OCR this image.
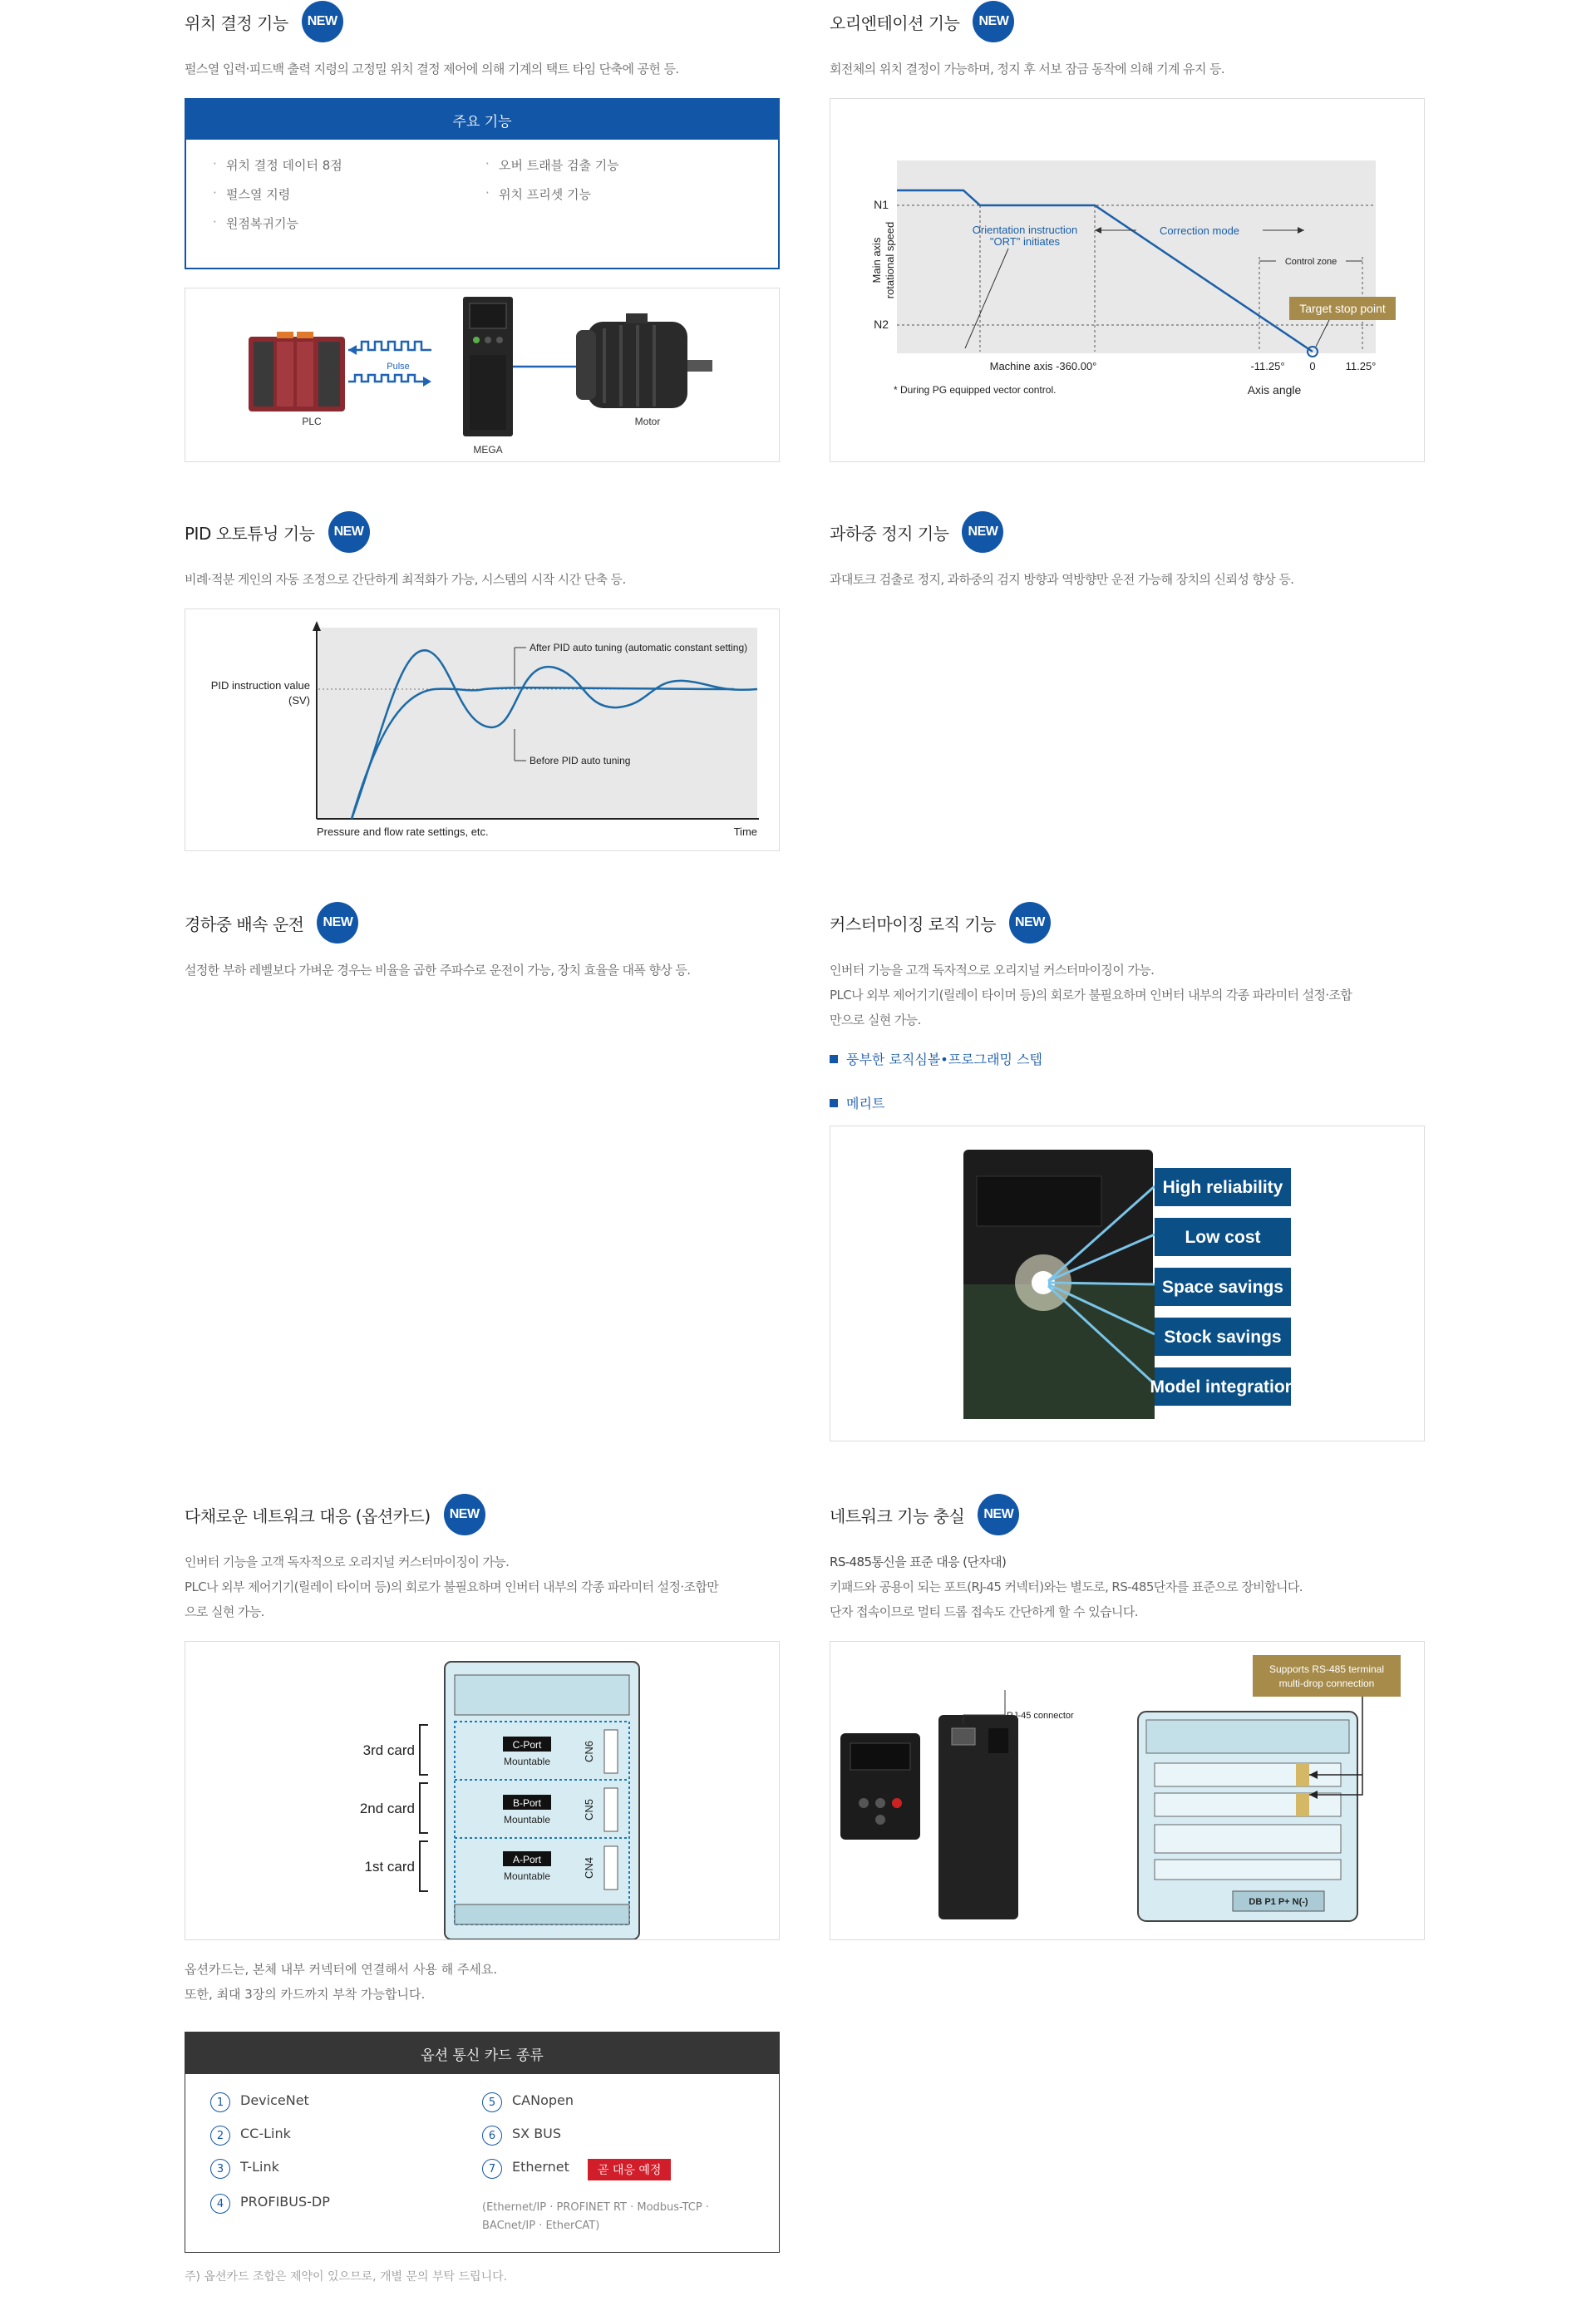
위치 결정 기능	NEW

펄스열 입력·피드백 출력 지령의 고정밀 위치 결정 제어에 의해 기계의 택트 타임 단축에 공헌 등.

주요 기능
· 위치 결정 데이터 8점	· 오버 트래블 검출 기능
· 펄스열 지령	· 위치 프리셋 기능
· 원점복귀기능
PLC
Pulse
MEGA
Motor
오리엔테이션 기능	NEW

회전체의 위치 결정이 가능하며, 정지 후 서보 잠금 동작에 의해 기계 유지 등.

Main axis rotational speed
N1
N2
Orientation instruction
"ORT" initiates
Correction mode
Control zone
Target stop point
Machine axis -360.00°	-11.25° 0	11.25°
Axis angle
* During PG equipped vector control.
PID 오토튜닝 기능	NEW

비례·적분 게인의 자동 조정으로 간단하게 최적화가 가능, 시스템의 시작 시간 단축 등.

After PID auto tuning (automatic constant setting)
Before PID auto tuning
PID instruction value
(SV)
Pressure and flow rate settings, etc.	Time
과하중 정지 기능	NEW

과대토크 검출로 정지, 과하중의 검지 방향과 역방향만 운전 가능해 장치의 신뢰성 향상 등.

경하중 배속 운전	NEW

설정한 부하 레벨보다 가벼운 경우는 비율을 곱한 주파수로 운전이 가능, 장치 효율을 대폭 향상 등.

커스터마이징 로직 기능	NEW

인버터 기능을 고객 독자적으로 오리지널 커스터마이징이 가능.

PLC나 외부 제어기기(릴레이 타이머 등)의 회로가 불필요하며 인버터 내부의 각종 파라미터 설정·조합

만으로 실현 가능.

풍부한 로직심볼•프로그래밍 스텝
메리트
High reliability
Low cost
Space savings
Stock savings
Model integration
다채로운 네트워크 대응 (옵션카드)	NEW

인버터 기능을 고객 독자적으로 오리지널 커스터마이징이 가능.

PLC나 외부 제어기기(릴레이 타이머 등)의 회로가 불필요하며 인버터 내부의 각종 파라미터 설정·조합만

으로 실현 가능.

3rd card
2nd card
1st card
C-Port
B-Port
A-Port
Mountable
Mountable
Mountable
CN6
CN5
CN4

옵션카드는, 본체 내부 커넥터에 연결해서 사용 해 주세요.

또한, 최대 3장의 카드까지 부착 가능합니다.

옵션 통신 카드 종류
1	DeviceNet	5	CANopen
2	CC-Link	6	SX BUS
3	T-Link	7	Ethernet	곧 대응 예정
4	PROFIBUS-DP	(Ethernet/IP · PROFINET RT · Modbus-TCP ·

BACnet/IP · EtherCAT)

주) 옵션카드 조합은 제약이 있으므로, 개별 문의 부탁 드립니다.
네트워크 기능 충실	NEW

RS-485통신을 표준 대응 (단자대)

키패드와 공용이 되는 포트(RJ-45 커넥터)와는 별도로, RS-485단자를 표준으로 장비합니다.

단자 접속이므로 멀티 드롭 접속도 간단하게 할 수 있습니다.

RJ-45 connector
DB P1 P+ N(-)
Supports RS-485 terminal
multi-drop connection
